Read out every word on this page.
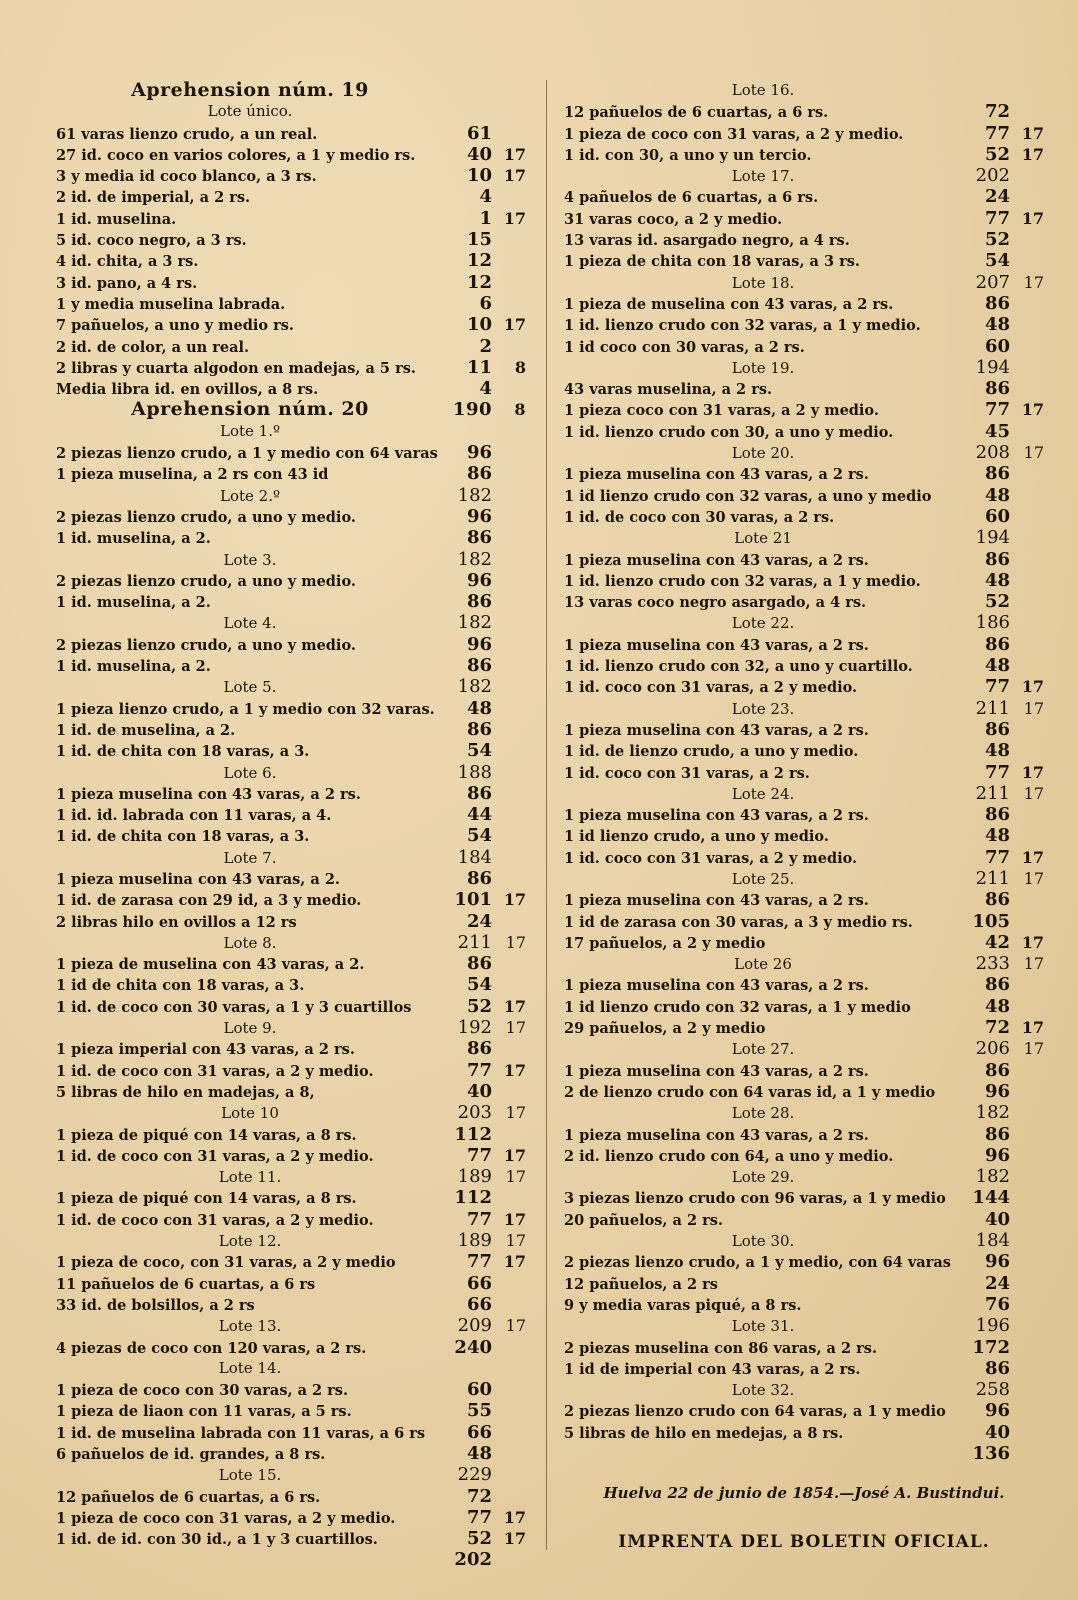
Aprehension núm. 19
Lote único.
61 varas lienzo crudo, a un real.	61
27 id. coco en varios colores, a 1 y medio rs.	40 17
3 y media id coco blanco, a 3 rs.	10 17
2 id. de imperial, a 2 rs.	4
1 id. muselina.	1 17
5 id. coco negro, a 3 rs.	15
4 id. chita, a 3 rs.	12
3 id. pano, a 4 rs.	12
1 y media muselina labrada.	6
7 pañuelos, a uno y medio rs.	10 17
2 id. de color, a un real.	2
2 libras y cuarta algodon en madejas, a 5 rs.	11	8
Media libra id. en ovillos, a 8 rs.	4
Aprehension núm. 20	190	8
Lote 1.º
2 piezas lienzo crudo, a 1 y medio con 64 varas	96
1 pieza muselina, a 2 rs con 43 id	86
Lote 2.º	182
2 piezas lienzo crudo, a uno y medio.	96
1 id. muselina, a 2.	86
Lote 3.	182
2 piezas lienzo crudo, a uno y medio.	96
1 id. muselina, a 2.	86
Lote 4.	182
2 piezas lienzo crudo, a uno y medio.	96
1 id. muselina, a 2.	86
Lote 5.	182
1 pieza lienzo crudo, a 1 y medio con 32 varas.	48
1 id. de muselina, a 2.	86
1 id. de chita con 18 varas, a 3.	54
Lote 6.	188
1 pieza muselina con 43 varas, a 2 rs.	86
1 id. id. labrada con 11 varas, a 4.	44
1 id. de chita con 18 varas, a 3.	54
Lote 7.	184
1 pieza muselina con 43 varas, a 2.	86
1 id. de zarasa con 29 id, a 3 y medio.	101 17
2 libras hilo en ovillos a 12 rs	24
Lote 8.	211 17
1 pieza de muselina con 43 varas, a 2.	86
1 id de chita con 18 varas, a 3.	54
1 id. de coco con 30 varas, a 1 y 3 cuartillos	52 17
Lote 9.	192 17
1 pieza imperial con 43 varas, a 2 rs.	86
1 id. de coco con 31 varas, a 2 y medio.	77 17
5 libras de hilo en madejas, a 8,	40
Lote 10	203 17
1 pieza de piqué con 14 varas, a 8 rs.	112
1 id. de coco con 31 varas, a 2 y medio.	77 17
Lote 11.	189 17
1 pieza de piqué con 14 varas, a 8 rs.	112
1 id. de coco con 31 varas, a 2 y medio.	77 17
Lote 12.	189 17
1 pieza de coco, con 31 varas, a 2 y medio	77 17
11 pañuelos de 6 cuartas, a 6 rs	66
33 id. de bolsillos, a 2 rs	66
Lote 13.	209 17
4 piezas de coco con 120 varas, a 2 rs.	240
Lote 14.
1 pieza de coco con 30 varas, a 2 rs.	60
1 pieza de liaon con 11 varas, a 5 rs.	55
1 id. de muselina labrada con 11 varas, a 6 rs	66
6 pañuelos de id. grandes, a 8 rs.	48
Lote 15.	229
12 pañuelos de 6 cuartas, a 6 rs.	72
1 pieza de coco con 31 varas, a 2 y medio.	77 17
1 id. de id. con 30 id., a 1 y 3 cuartillos.	52 17
202
Lote 16.
12 pañuelos de 6 cuartas, a 6 rs.	72
1 pieza de coco con 31 varas, a 2 y medio.	77 17
1 id. con 30, a uno y un tercio.	52 17
Lote 17.	202
4 pañuelos de 6 cuartas, a 6 rs.	24
31 varas coco, a 2 y medio.	77 17
13 varas id. asargado negro, a 4 rs.	52
1 pieza de chita con 18 varas, a 3 rs.	54
Lote 18.	207 17
1 pieza de muselina con 43 varas, a 2 rs.	86
1 id. lienzo crudo con 32 varas, a 1 y medio.	48
1 id coco con 30 varas, a 2 rs.	60
Lote 19.	194
43 varas muselina, a 2 rs.	86
1 pieza coco con 31 varas, a 2 y medio.	77 17
1 id. lienzo crudo con 30, a uno y medio.	45
Lote 20.	208 17
1 pieza muselina con 43 varas, a 2 rs.	86
1 id lienzo crudo con 32 varas, a uno y medio	48
1 id. de coco con 30 varas, a 2 rs.	60
Lote 21	194
1 pieza muselina con 43 varas, a 2 rs.	86
1 id. lienzo crudo con 32 varas, a 1 y medio.	48
13 varas coco negro asargado, a 4 rs.	52
Lote 22.	186
1 pieza muselina con 43 varas, a 2 rs.	86
1 id. lienzo crudo con 32, a uno y cuartillo.	48
1 id. coco con 31 varas, a 2 y medio.	77 17
Lote 23.	211 17
1 pieza muselina con 43 varas, a 2 rs.	86
1 id. de lienzo crudo, a uno y medio.	48
1 id. coco con 31 varas, a 2 rs.	77 17
Lote 24.	211 17
1 pieza muselina con 43 varas, a 2 rs.	86
1 id lienzo crudo, a uno y medio.	48
1 id. coco con 31 varas, a 2 y medio.	77 17
Lote 25.	211 17
1 pieza muselina con 43 varas, a 2 rs.	86
1 id de zarasa con 30 varas, a 3 y medio rs.	105
17 pañuelos, a 2 y medio	42 17
Lote 26	233 17
1 pieza muselina con 43 varas, a 2 rs.	86
1 id lienzo crudo con 32 varas, a 1 y medio	48
29 pañuelos, a 2 y medio	72 17
Lote 27.	206 17
1 pieza muselina con 43 varas, a 2 rs.	86
2 de lienzo crudo con 64 varas id, a 1 y medio	96
Lote 28.	182
1 pieza muselina con 43 varas, a 2 rs.	86
2 id. lienzo crudo con 64, a uno y medio.	96
Lote 29.	182
3 piezas lienzo crudo con 96 varas, a 1 y medio	144
20 pañuelos, a 2 rs.	40
Lote 30.	184
2 piezas lienzo crudo, a 1 y medio, con 64 varas	96
12 pañuelos, a 2 rs	24
9 y media varas piqué, a 8 rs.	76
Lote 31.	196
2 piezas muselina con 86 varas, a 2 rs.	172
1 id de imperial con 43 varas, a 2 rs.	86
Lote 32.	258
2 piezas lienzo crudo con 64 varas, a 1 y medio	96
5 libras de hilo en medejas, a 8 rs.	40
136
Huelva 22 de junio de 1854.—José A. Bustindui.
IMPRENTA DEL BOLETIN OFICIAL.
